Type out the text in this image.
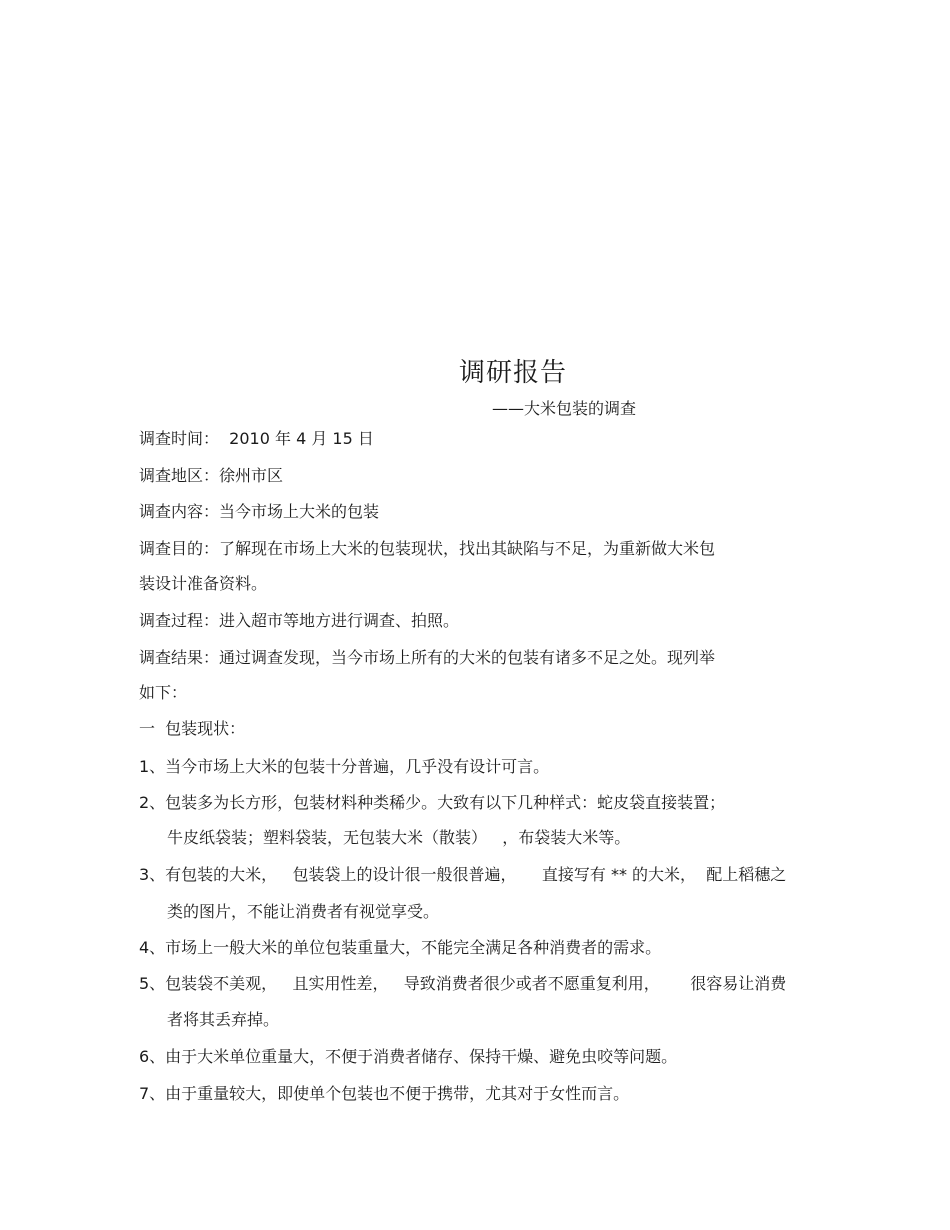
调研报告
——大米包装的调查
调查时间：  2010 年 4 月 15 日
调查地区：徐州市区
调查内容：当今市场上大米的包装
调查目的：了解现在市场上大米的包装现状，找出其缺陷与不足，为重新做大米包
装设计准备资料。
调查过程：进入超市等地方进行调查、拍照。
调查结果：通过调查发现，当今市场上所有的大米的包装有诸多不足之处。现列举
如下：
一  包装现状：
1、当今市场上大米的包装十分普遍，几乎没有设计可言。
2、包装多为长方形，包装材料种类稀少。大致有以下几种样式：蛇皮袋直接装置；
牛皮纸袋装；塑料袋装，无包装大米（散装）   ，布袋装大米等。
3、有包装的大米，   包装袋上的设计很一般很普遍，     直接写有 ** 的大米，  配上稻穗之
类的图片，不能让消费者有视觉享受。
4、市场上一般大米的单位包装重量大，不能完全满足各种消费者的需求。
5、包装袋不美观，   且实用性差，   导致消费者很少或者不愿重复利用，      很容易让消费
者将其丢弃掉。
6、由于大米单位重量大，不便于消费者储存、保持干燥、避免虫咬等问题。
7、由于重量较大，即使单个包装也不便于携带，尤其对于女性而言。
